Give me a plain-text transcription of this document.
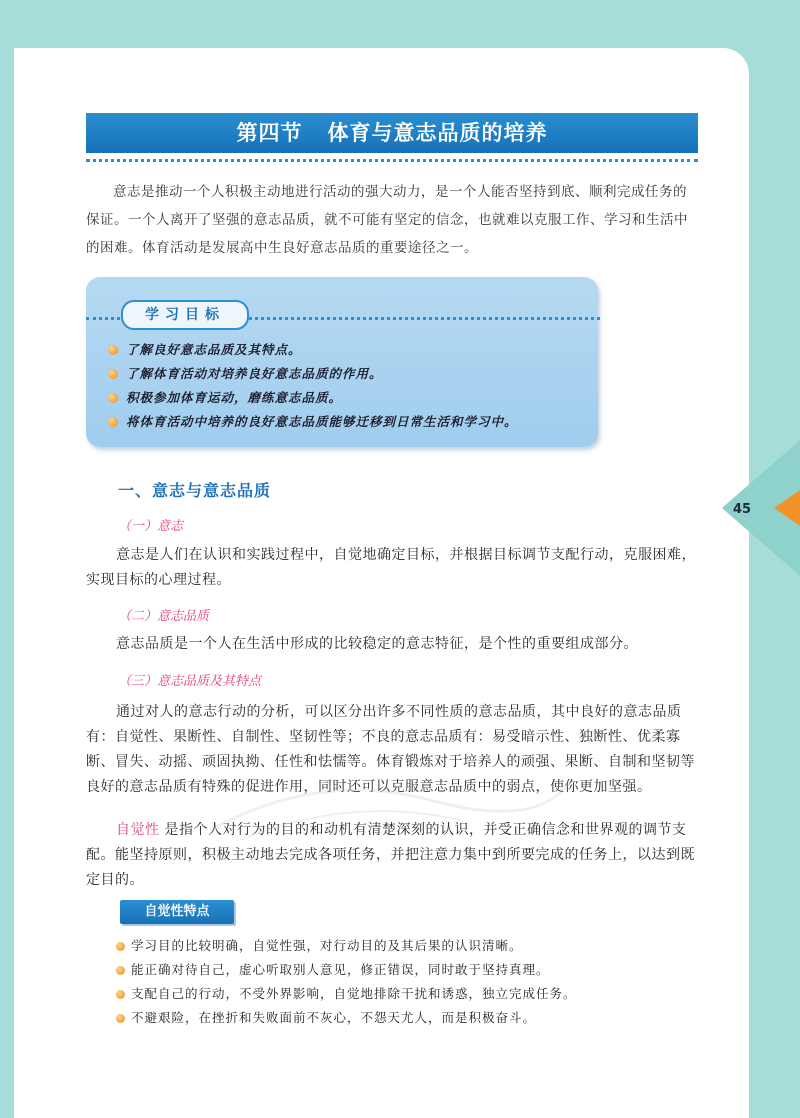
45
第四节   体育与意志品质的培养
意志是推动一个人积极主动地进行活动的强大动力，是一个人能否坚持到底、顺利完成任务的保证。一个人离开了坚强的意志品质，就不可能有坚定的信念，也就难以克服工作、学习和生活中的困难。体育活动是发展高中生良好意志品质的重要途径之一。
学习目标
了解良好意志品质及其特点。
了解体育活动对培养良好意志品质的作用。
积极参加体育运动，磨练意志品质。
将体育活动中培养的良好意志品质能够迁移到日常生活和学习中。
一、意志与意志品质
（一）意志
意志是人们在认识和实践过程中，自觉地确定目标，并根据目标调节支配行动，克服困难，实现目标的心理过程。
（二）意志品质
意志品质是一个人在生活中形成的比较稳定的意志特征，是个性的重要组成部分。
（三）意志品质及其特点
通过对人的意志行动的分析，可以区分出许多不同性质的意志品质，其中良好的意志品质有：自觉性、果断性、自制性、坚韧性等；不良的意志品质有：易受暗示性、独断性、优柔寡断、冒失、动摇、顽固执拗、任性和怯懦等。体育锻炼对于培养人的顽强、果断、自制和坚韧等良好的意志品质有特殊的促进作用，同时还可以克服意志品质中的弱点，使你更加坚强。
自觉性 是指个人对行为的目的和动机有清楚深刻的认识，并受正确信念和世界观的调节支配。能坚持原则，积极主动地去完成各项任务，并把注意力集中到所要完成的任务上，以达到既定目的。
自觉性特点
学习目的比较明确，自觉性强，对行动目的及其后果的认识清晰。
能正确对待自己，虚心听取别人意见，修正错误，同时敢于坚持真理。
支配自己的行动，不受外界影响，自觉地排除干扰和诱惑，独立完成任务。
不避艰险，在挫折和失败面前不灰心，不怨天尤人，而是积极奋斗。
